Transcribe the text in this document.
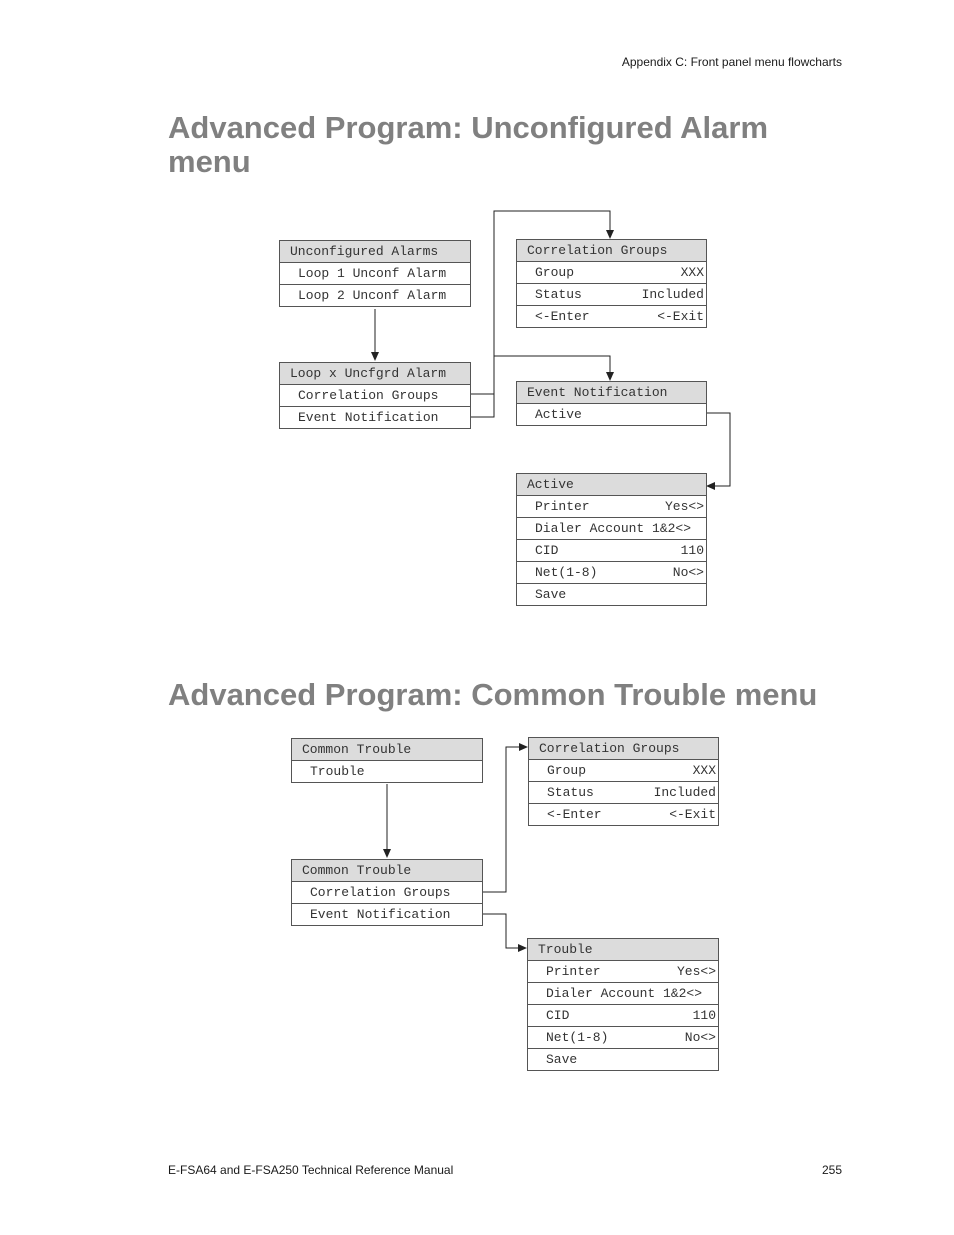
Appendix C: Front panel menu flowcharts
Advanced Program: Unconfigured Alarm menu
Unconfigured Alarms
Loop 1 Unconf Alarm
Loop 2 Unconf Alarm
Loop x Uncfgrd Alarm
Correlation Groups
Event Notification
Correlation Groups
Group	XXX
Status	Included
<-Enter	<-Exit
Event Notification
Active
Active
Printer	Yes<>
Dialer Account 1&2<>
CID	110
Net(1-8)	No<>
Save
Advanced Program: Common Trouble menu
Common Trouble
Trouble
Common Trouble
Correlation Groups
Event Notification
Correlation Groups
Group	XXX
Status	Included
<-Enter	<-Exit
Trouble
Printer	Yes<>
Dialer Account 1&2<>
CID	110
Net(1-8)	No<>
Save
E-FSA64 and E-FSA250 Technical Reference Manual	255
